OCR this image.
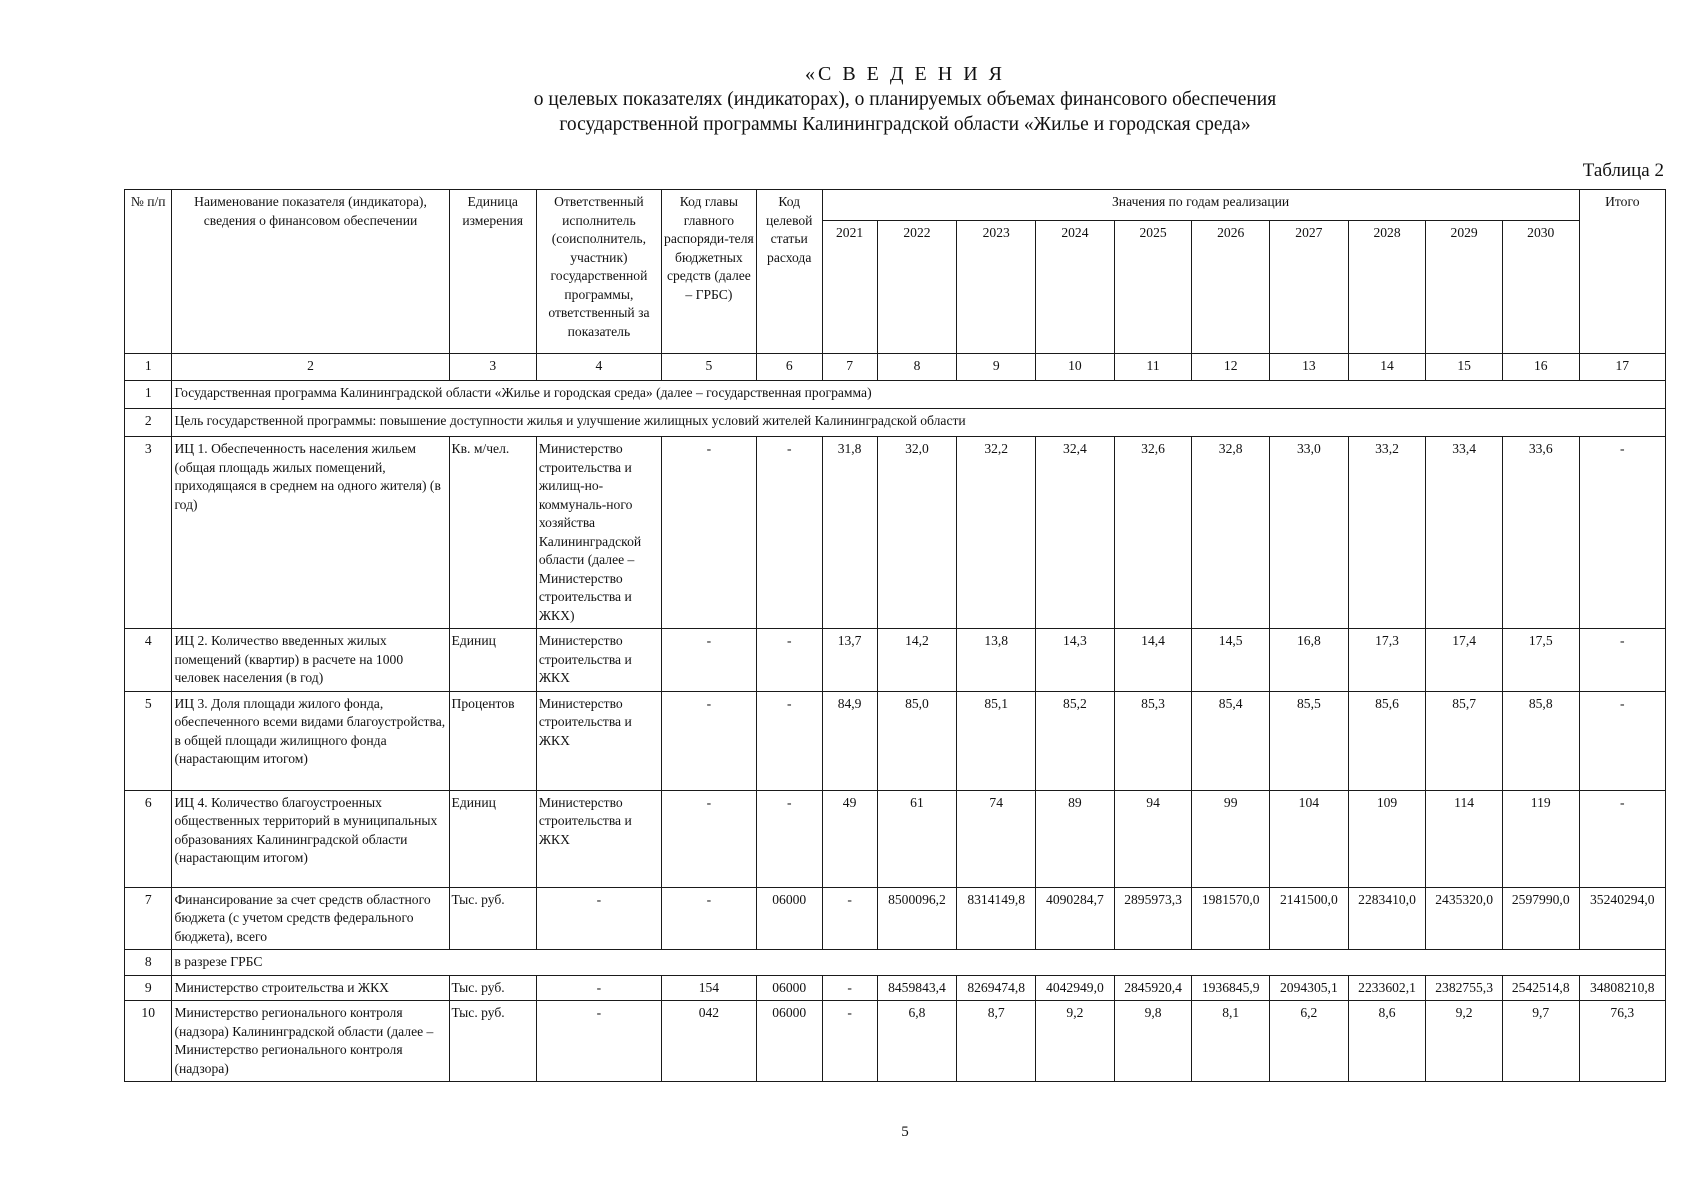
«С В Е Д Е Н И Я
о целевых показателях (индикаторах), о планируемых объемах финансового обеспечения
государственной программы Калининградской области «Жилье и городская среда»
Таблица 2
№ п/п	Наименование показателя (индикатора), сведения о финансовом обеспечении	Единица измерения	Ответственный исполнитель (соисполнитель, участник) государственной программы, ответственный за показатель	Код главы главного распоряди-теля бюджетных средств (далее – ГРБС)	Код целевой статьи расхода	Значения по годам реализации										Итого
						2021	2022	2023	2024	2025	2026	2027	2028	2029	2030	
1	2	3	4	5	6	7	8	9	10	11	12	13	14	15	16	17
1	Государственная программа Калининградской области «Жилье и городская среда» (далее – государственная программа)															
2	Цель государственной программы: повышение доступности жилья и улучшение жилищных условий жителей Калининградской области															
3	ИЦ 1. Обеспеченность населения жильем (общая площадь жилых помещений, приходящаяся в среднем на одного жителя) (в год)	Кв. м/чел.	Министерство строительства и жилищ-но-коммуналь-ного хозяйства Калининградской области (далее – Министерство строительства и ЖКХ)	-	-	31,8	32,0	32,2	32,4	32,6	32,8	33,0	33,2	33,4	33,6	-
4	ИЦ 2. Количество введенных жилых помещений (квартир) в расчете на 1000 человек населения (в год)	Единиц	Министерство строительства и ЖКХ	-	-	13,7	14,2	13,8	14,3	14,4	14,5	16,8	17,3	17,4	17,5	-
5	ИЦ 3. Доля площади жилого фонда, обеспеченного всеми видами благоустройства, в общей площади жилищного фонда (нарастающим итогом)	Процентов	Министерство строительства и ЖКХ	-	-	84,9	85,0	85,1	85,2	85,3	85,4	85,5	85,6	85,7	85,8	-
6	ИЦ 4. Количество благоустроенных общественных территорий в муниципальных образованиях Калининградской области (нарастающим итогом)	Единиц	Министерство строительства и ЖКХ	-	-	49	61	74	89	94	99	104	109	114	119	-
7	Финансирование за счет средств областного бюджета (с учетом средств федерального бюджета), всего	Тыс. руб.	-	-	06000	-	8500096,2	8314149,8	4090284,7	2895973,3	1981570,0	2141500,0	2283410,0	2435320,0	2597990,0	35240294,0
8	в разрезе ГРБС															
9	Министерство строительства и ЖКХ	Тыс. руб.	-	154	06000	-	8459843,4	8269474,8	4042949,0	2845920,4	1936845,9	2094305,1	2233602,1	2382755,3	2542514,8	34808210,8
10	Министерство регионального контроля (надзора) Калининградской области (далее – Министерство регионального контроля (надзора)	Тыс. руб.	-	042	06000	-	6,8	8,7	9,2	9,8	8,1	6,2	8,6	9,2	9,7	76,3
5
